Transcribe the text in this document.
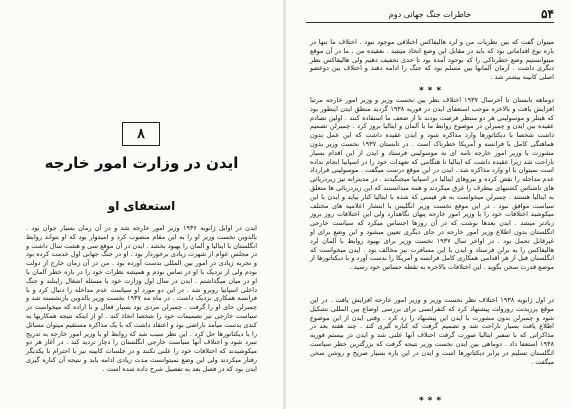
۸
ایدن در وزارت امور خارجه
استعفای او

ایدن در اوایل ژانویه ۱۹۳۶ وزیر امور خارجه شد و در آن زمان بسیار جوان بود . بالدوین نخست وزیر او را به این مقام منصوب کرد و امیدوار بود که او بتواند روابط انگلستان با ایتالیا و آلمان را بهبود بخشد . ایدن در آن موقع سی و هشت سال داشت و در مجلس عوام از شهرت زیادی برخوردار بود . او در جنگ جهانی اول خدمت کرده بود و تجربه زیادی در امور بین المللی بدست آورده بود . من در آن زمان خارج از دولت بودم ولی از نزدیک با او در تماس بودم و همیشه نظرات خود را در باره خطر آلمان با او در میان میگذاشتم . ایدن در سال اول وزارت خود با مسئله اشغال راینلند و جنگ داخلی اسپانیا روبرو شد . در این دو مورد او سیاست عدم مداخله را دنبال کرد و با فرانسه همکاری نزدیک داشت . در ماه مه ۱۹۳۷ نخست وزیر بالدوین بازنشسته شد و چمبرلن جای او را گرفت . چمبرلن مردی بود بسیار فعال و با اراده که میخواست در سیاست خارجی نیز تصمیمات خود را شخصا اتخاذ کند . او از اینکه نتیجه همکاریها به کندی بدست میآمد ناراضی بود و اعتقاد داشت که با یک مذاکره مستقیم میتوان مسائل را با دیکتاتورها حل کرد . این نظر سبب شد که روابط او با وزیر امور خارجه به تدریج سرد شود و اختلاف آنها سیاست خارجی انگلستان را دچار تردید کند . در آغاز هر دو میکوشیدند که اختلافات خود را علنی نکنند و در جلسات کابینه نیز با احترام با یکدیگر رفتار میکردند ولی این وضع نمیتوانست مدت زیادی ادامه یابد و نتیجه آن کناره گیری ایدن بود که در فصل بعد به تفصیل شرح داده شده است .

۵۴
خاطرات جنگ جهانی دوم

میتوان گفت که بین نظریات من و لرد هالیفاکس اختلافی موجود نبود . اختلاف ما تنها در باره نوع اقداماتی بود که باید در مقابل این وضع اتخاذ میشد . بعقیده من ، ما در آن موقع میتوانستیم وضع خطرناکی را که بوجود آمده بود تا حدی تخفیف دهیم ولی هالیفاکس نظر دیگری داشت . آرمان آلمانها بین مسلم بود که جنگ را ادامه دهند و اختلاف بین دوعضو اصلی کابینه بیشتر شد .

***

دوماهه تابستان تا آخرسال ۱۹۳۷ اختلاف نظر بین نخست وزیر و وزیر امور خارجه مرتبا افزایش یافت و بالاخره موجب استعفای ایدن در فوریه ۱۹۳۸ گردید منطق ایدن اینطور بود که هیتلر و موسولینی هر دو منتظر فرصت بودند تا از ضعف ما استفاده کنند . اولین تصادم عقیده بین ایدن و چمبرلن در موضوع روابط ما با آلمان و ایتالیا بروز کرد . چمبرلن تصمیم داشت شخصا با دیکتاتورها وارد مذاکره شود و ایدن عقیده داشت که این عمل بدون هماهنگی کامل با فرانسه و آمریکا خطرناک است . در تابستان ۱۹۳۷ نخست وزیر بدون مشورت با وزیر امور خارجه نامه ای به موسولینی فرستاد و ایدن از این اقدام بسیار ناراحت شد زیرا عقیده داشت که ایتالیا تا هنگامی که تعهدات خود را در اسپانیا انجام نداده است نمیتوان با او وارد مذاکره شد . ایدن در این موقع درست میگفت . موسولینی قرارداد عدم مداخله را نقض کرده و نیروهای ایتالیا در اسپانیا میجنگیدند . در مدیترانه نیز زیردریائی های ناشناس کشتیهای بیطرف را غرق میکردند و همه میدانستند که این زیردریائی ها متعلق به ایتالیا هستند . چمبرلن میخواست به هر قیمتی که شده با ایتالیا کنار بیاید و ایدن با این سیاست موافق نبود . در این موقع نخست وزیر انگلیس با انتشار اعلامیه های مختلف میکوشید اختلافات خود را با وزیر امور خارجه پنهان نگاهدارد ولی این اختلافات روز بروز زیادتر میشد . ایدن بعدها نوشت که در آن روزها احساس میکرد که سیاست خارجی انگلستان بدون اطلاع وزیر امور خارجه در جای دیگری تعیین میشود و این وضع برای او غیرقابل تحمل بود . در اواخر سال ۱۹۳۷ نخست وزیر برای بهبود روابط با آلمان لرد هالیفاکس را به برلن فرستاد و ایدن با این مسافرت نیز مخالف بود . ایدن میخواست که انگلستان قبل از هر اقدامی همکاری کامل فرانسه و آمریکا را بدست آورد و با دیکتاتورها از موضع قدرت سخن بگوید . این اختلافات بالاخره به نقطه حساس خود رسید .

در اول ژانویه ۱۹۳۸ اختلاف نظر نخست وزیر و وزیر امور خارجه افزایش یافت . در این موقع پرزیدنت روزولت پیشنهاد کرد که کنفرانسی برای بررسی اوضاع بین المللی تشکیل شود و چمبرلن بدون مشورت با ایدن این پیشنهاد را رد کرد . وقتی ایدن از این موضوع اطلاع یافت بسیار ناراحت شد و تصمیم گرفت که کناره گیری کند . چند هفته بعد در مذاکراتی که با سفیر ایتالیا صورت گرفت اختلاف آنها علنی شد و ایدن در بیستم فوریه ۱۹۳۸ استعفا داد . دوماهی بین ایدن نخست وزیر نتیجه گرفت که بزرگترین خطر سیاست انگلستان تسلیم در برابر دیکتاتورها است و ایدن در این باره بسیار صریح و روشن سخن میگفت .

***
